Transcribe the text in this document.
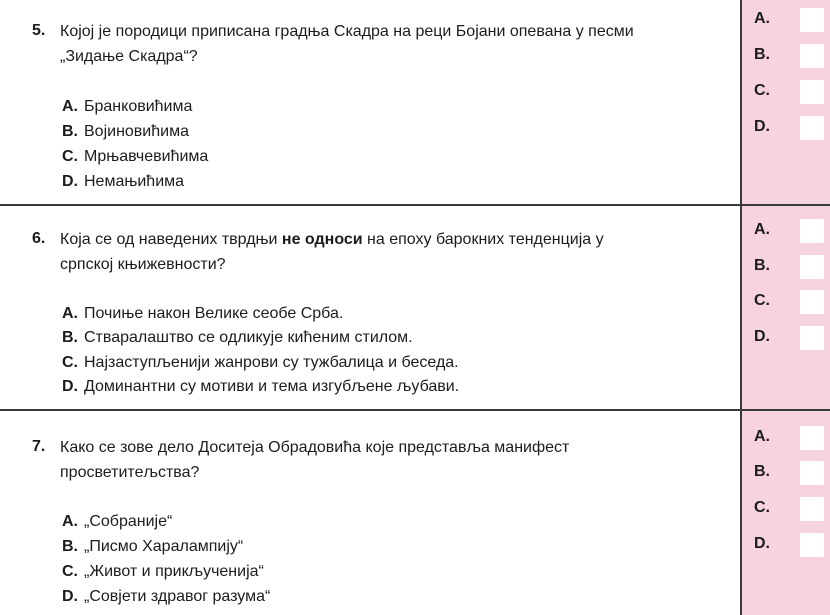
5. Којој је породици приписана градња Скадра на реци Бојани опевана у песми
„Зидање Скадра“?
A. Бранковићима
B. Војиновићима
C. Мрњавчевићима
D. Немањићима
A.
B.
C.
D.
6. Која се од наведених тврдњи не односи на епоху барокних тенденција у
српској књижевности?
A. Почиње након Велике сеобе Срба.
B. Стваралаштво се одликује кићеним стилом.
C. Најзаступљенији жанрови су тужбалица и беседа.
D. Доминантни су мотиви и тема изгубљене љубави.
A.
B.
C.
D.
7. Како се зове дело Доситеја Обрадовића које представља манифест
просветитељства?
A. „Собраније“
B. „Писмо Харалампију“
C. „Живот и прикљученија“
D. „Совјети здравог разума“
A.
B.
C.
D.
